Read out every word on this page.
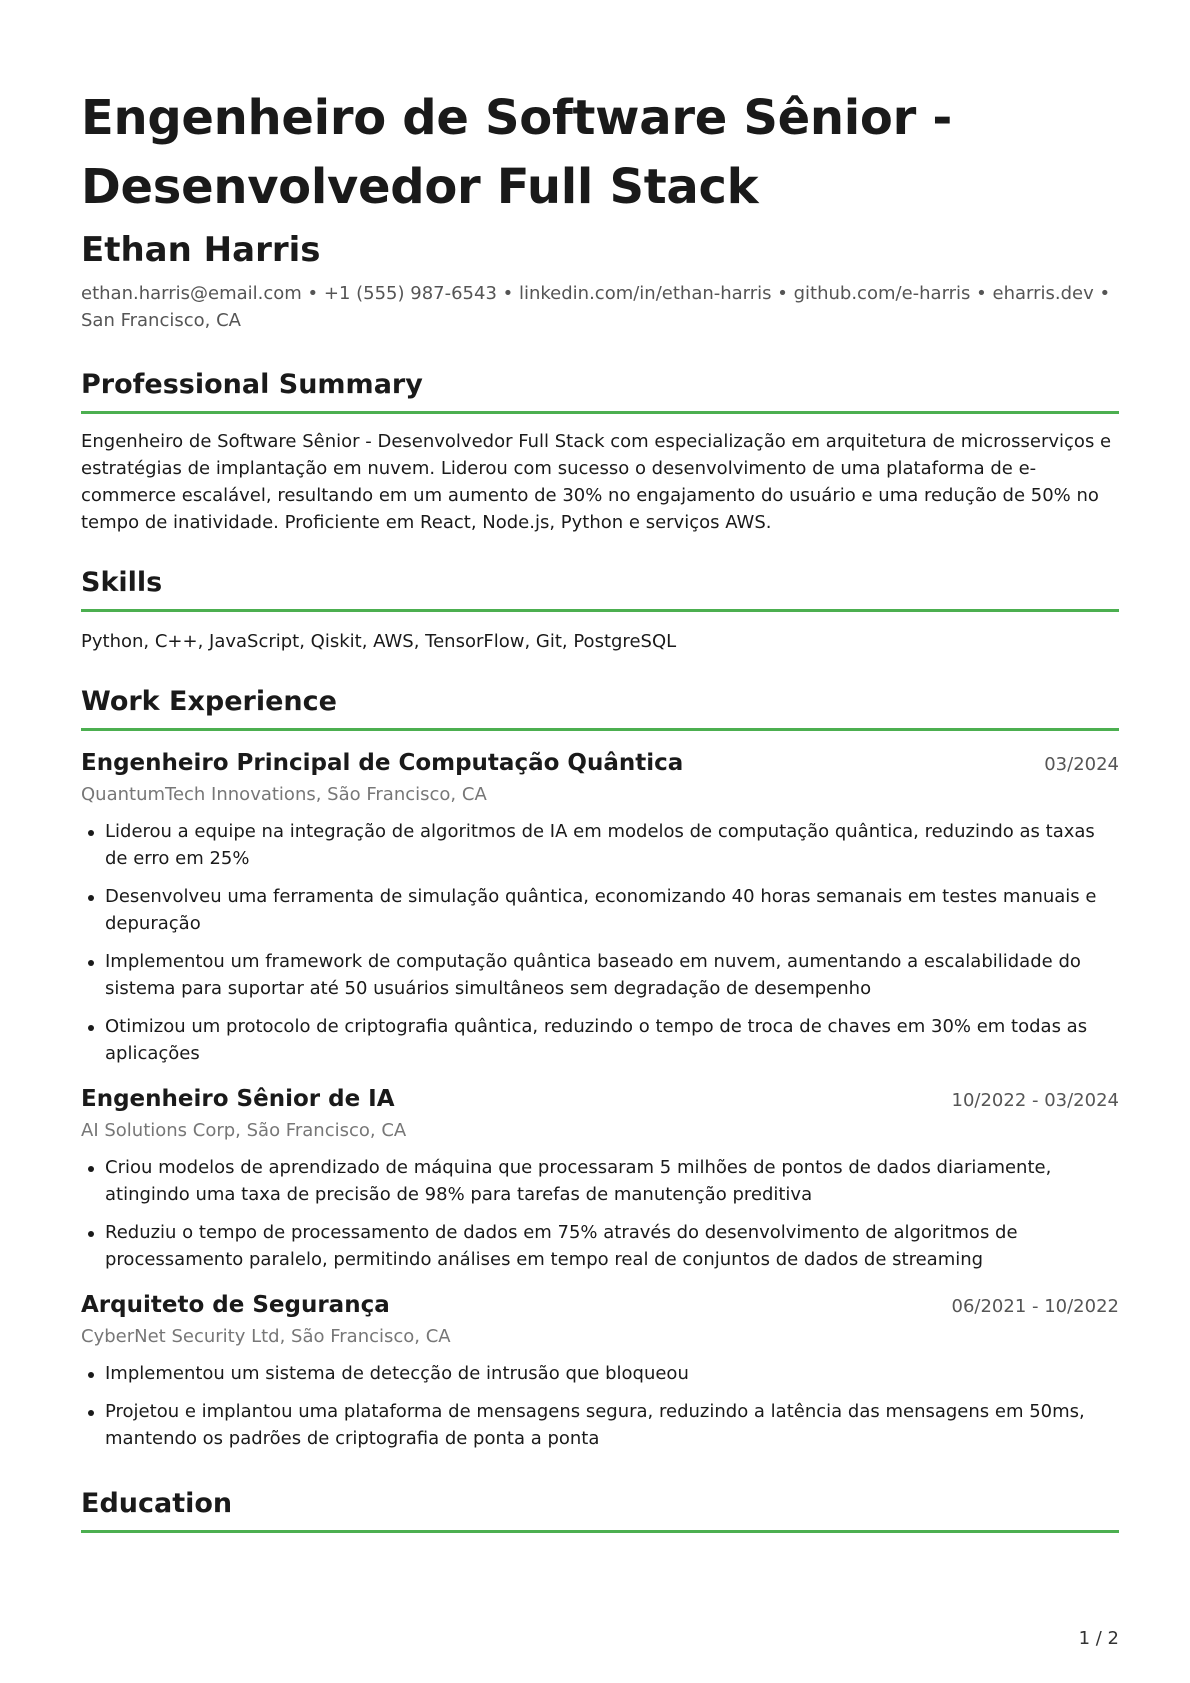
Engenheiro de Software Sênior - Desenvolvedor Full Stack
Ethan Harris
ethan.harris@email.com • +1 (555) 987-6543 • linkedin.com/in/ethan-harris • github.com/e-harris • eharris.dev • San Francisco, CA
Professional Summary
Engenheiro de Software Sênior - Desenvolvedor Full Stack com especialização em arquitetura de microsserviços e estratégias de implantação em nuvem. Liderou com sucesso o desenvolvimento de uma plataforma de e-commerce escalável, resultando em um aumento de 30% no engajamento do usuário e uma redução de 50% no tempo de inatividade. Proficiente em React, Node.js, Python e serviços AWS.
Skills
Python, C++, JavaScript, Qiskit, AWS, TensorFlow, Git, PostgreSQL
Work Experience
Engenheiro Principal de Computação Quântica	03/2024
QuantumTech Innovations, São Francisco, CA
Liderou a equipe na integração de algoritmos de IA em modelos de computação quântica, reduzindo as taxas de erro em 25%
Desenvolveu uma ferramenta de simulação quântica, economizando 40 horas semanais em testes manuais e depuração
Implementou um framework de computação quântica baseado em nuvem, aumentando a escalabilidade do sistema para suportar até 50 usuários simultâneos sem degradação de desempenho
Otimizou um protocolo de criptografia quântica, reduzindo o tempo de troca de chaves em 30% em todas as aplicações
Engenheiro Sênior de IA	10/2022 - 03/2024
AI Solutions Corp, São Francisco, CA
Criou modelos de aprendizado de máquina que processaram 5 milhões de pontos de dados diariamente, atingindo uma taxa de precisão de 98% para tarefas de manutenção preditiva
Reduziu o tempo de processamento de dados em 75% através do desenvolvimento de algoritmos de processamento paralelo, permitindo análises em tempo real de conjuntos de dados de streaming
Arquiteto de Segurança	06/2021 - 10/2022
CyberNet Security Ltd, São Francisco, CA
Implementou um sistema de detecção de intrusão que bloqueou
Projetou e implantou uma plataforma de mensagens segura, reduzindo a latência das mensagens em 50ms, mantendo os padrões de criptografia de ponta a ponta
Education
1 / 2
